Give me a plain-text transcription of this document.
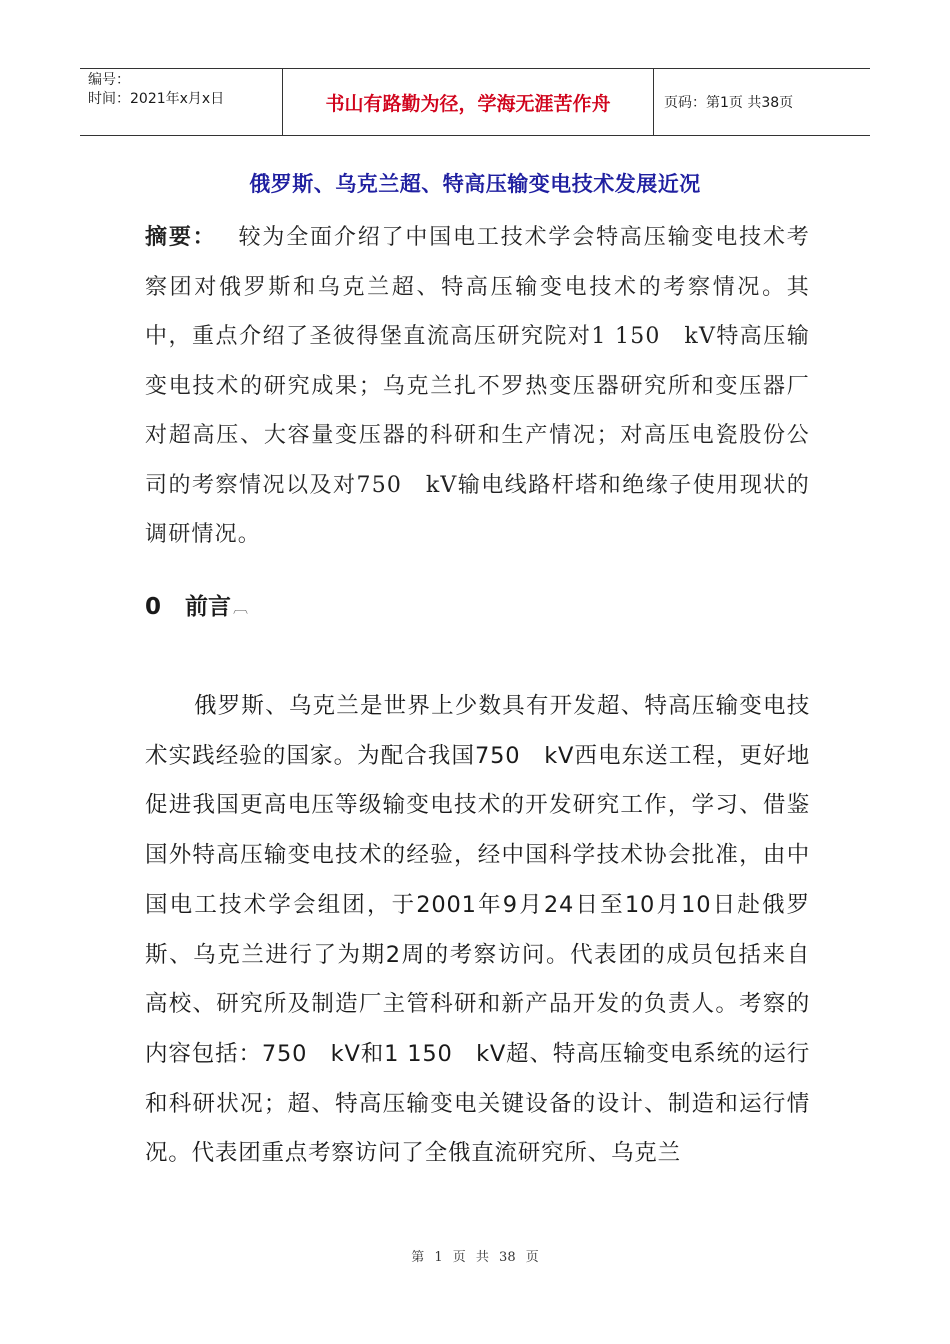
编号：
时间：2021年x月x日	书山有路勤为径，学海无涯苦作舟	页码：第1页 共38页
俄罗斯、乌克兰超、特高压输变电技术发展近况
摘要： 较为全面介绍了中国电工技术学会特高压输变电技术考察团对俄罗斯和乌克兰超、特高压输变电技术的考察情况。其中，重点介绍了圣彼得堡直流高压研究院对1 150　kV特高压输变电技术的研究成果；乌克兰扎不罗热变压器研究所和变压器厂对超高压、大容量变压器的科研和生产情况；对高压电瓷股份公司的考察情况以及对750　kV输电线路杆塔和绝缘子使用现状的调研情况。
0 前言 ︹
俄罗斯、乌克兰是世界上少数具有开发超、特高压输变电技术实践经验的国家。为配合我国750　kV西电东送工程，更好地促进我国更高电压等级输变电技术的开发研究工作，学习、借鉴国外特高压输变电技术的经验，经中国科学技术协会批准，由中国电工技术学会组团，于2001年9月24日至10月10日赴俄罗斯、乌克兰进行了为期2周的考察访问。代表团的成员包括来自高校、研究所及制造厂主管科研和新产品开发的负责人。考察的内容包括：750　kV和1 150　kV超、特高压输变电系统的运行和科研状况；超、特高压输变电关键设备的设计、制造和运行情况。代表团重点考察访问了全俄直流研究所、乌克兰
第 1 页 共 38 页
